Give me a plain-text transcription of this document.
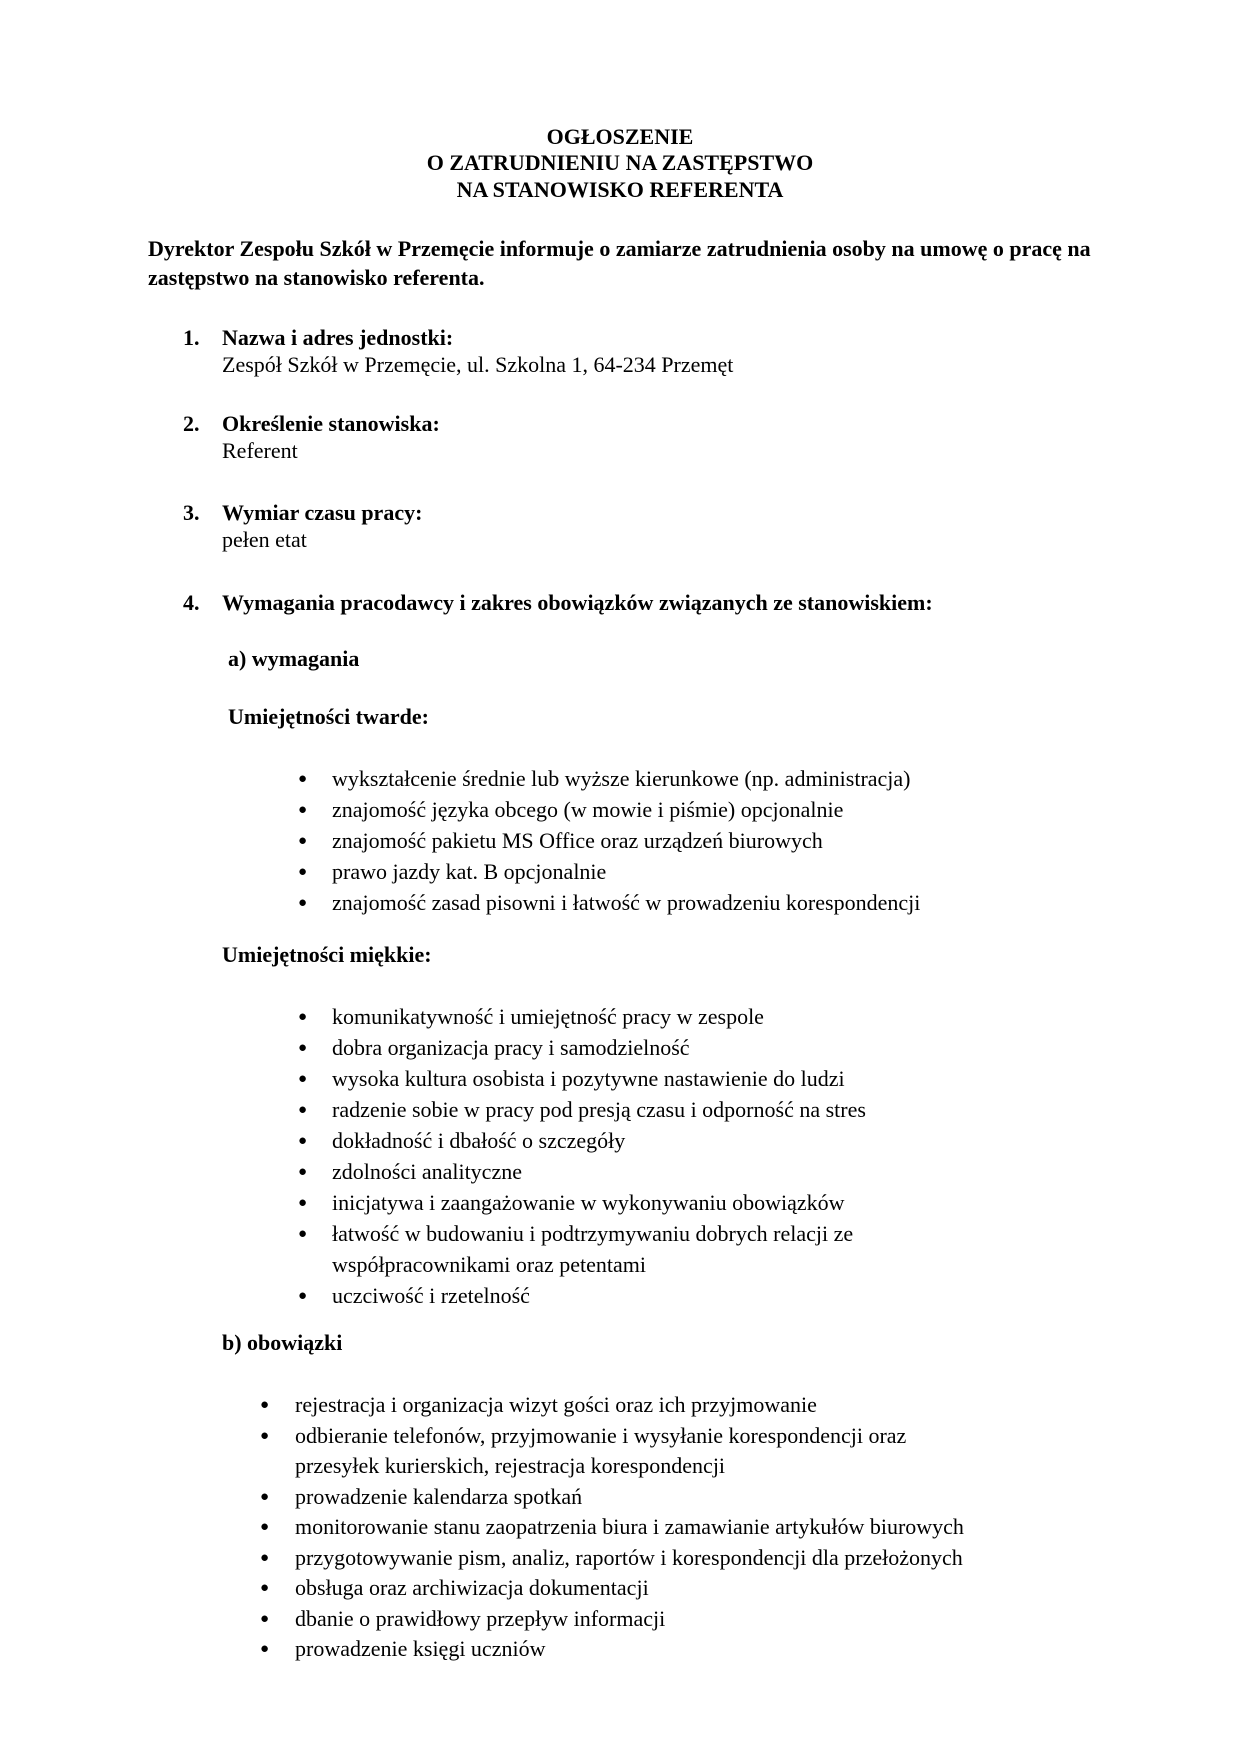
OGŁOSZENIE
O ZATRUDNIENIU NA ZASTĘPSTWO
NA STANOWISKO REFERENTA
Dyrektor Zespołu Szkół w Przemęcie informuje o zamiarze zatrudnienia osoby na umowę o pracę na zastępstwo na stanowisko referenta.
1. Nazwa i adres jednostki:
Zespół Szkół w Przemęcie, ul. Szkolna 1, 64-234 Przemęt
2. Określenie stanowiska:
Referent
3. Wymiar czasu pracy:
pełen etat
4. Wymagania pracodawcy i zakres obowiązków związanych ze stanowiskiem:
a) wymagania
Umiejętności twarde:
● wykształcenie średnie lub wyższe kierunkowe (np. administracja)
● znajomość języka obcego (w mowie i piśmie) opcjonalnie
● znajomość pakietu MS Office oraz urządzeń biurowych
● prawo jazdy kat. B opcjonalnie
● znajomość zasad pisowni i łatwość w prowadzeniu korespondencji
Umiejętności miękkie:
● komunikatywność i umiejętność pracy w zespole
● dobra organizacja pracy i samodzielność
● wysoka kultura osobista i pozytywne nastawienie do ludzi
● radzenie sobie w pracy pod presją czasu i odporność na stres
● dokładność i dbałość o szczegóły
● zdolności analityczne
● inicjatywa i zaangażowanie w wykonywaniu obowiązków
● łatwość w budowaniu i podtrzymywaniu dobrych relacji ze
współpracownikami oraz petentami
● uczciwość i rzetelność
b) obowiązki
● rejestracja i organizacja wizyt gości oraz ich przyjmowanie
● odbieranie telefonów, przyjmowanie i wysyłanie korespondencji oraz
przesyłek kurierskich, rejestracja korespondencji
● prowadzenie kalendarza spotkań
● monitorowanie stanu zaopatrzenia biura i zamawianie artykułów biurowych
● przygotowywanie pism, analiz, raportów i korespondencji dla przełożonych
● obsługa oraz archiwizacja dokumentacji
● dbanie o prawidłowy przepływ informacji
● prowadzenie księgi uczniów
